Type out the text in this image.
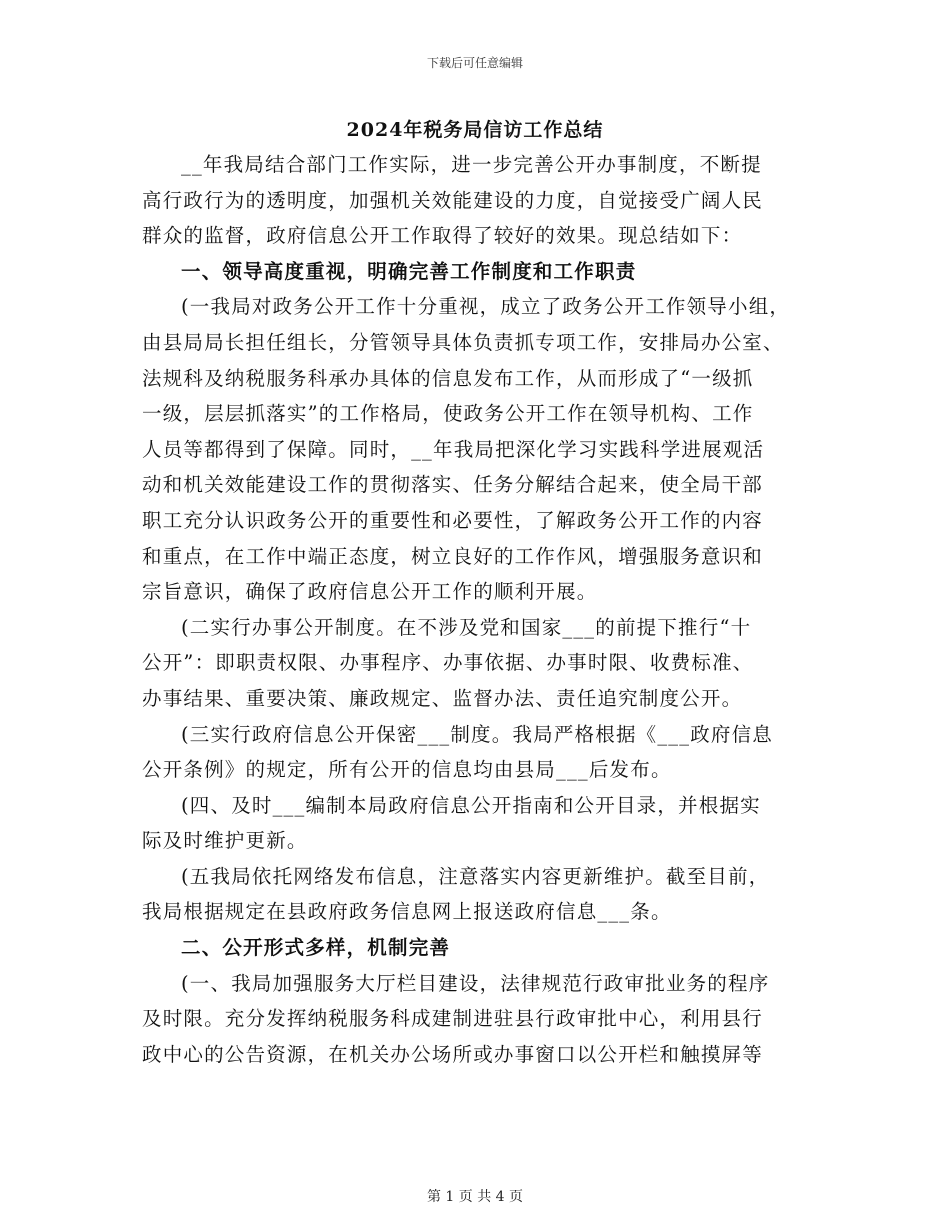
下载后可任意编辑
2024年税务局信访工作总结
__年我局结合部门工作实际，进一步完善公开办事制度，不断提
高行政行为的透明度，加强机关效能建设的力度，自觉接受广阔人民
群众的监督，政府信息公开工作取得了较好的效果。现总结如下：
一、领导高度重视，明确完善工作制度和工作职责
(一我局对政务公开工作十分重视，成立了政务公开工作领导小组，
由县局局长担任组长，分管领导具体负责抓专项工作，安排局办公室、
法规科及纳税服务科承办具体的信息发布工作，从而形成了“一级抓
一级，层层抓落实”的工作格局，使政务公开工作在领导机构、工作
人员等都得到了保障。同时，__年我局把深化学习实践科学进展观活
动和机关效能建设工作的贯彻落实、任务分解结合起来，使全局干部
职工充分认识政务公开的重要性和必要性，了解政务公开工作的内容
和重点，在工作中端正态度，树立良好的工作作风，增强服务意识和
宗旨意识，确保了政府信息公开工作的顺利开展。
(二实行办事公开制度。在不涉及党和国家___的前提下推行“十
公开”：即职责权限、办事程序、办事依据、办事时限、收费标准、
办事结果、重要决策、廉政规定、监督办法、责任追究制度公开。
(三实行政府信息公开保密___制度。我局严格根据《___政府信息
公开条例》的规定，所有公开的信息均由县局___后发布。
(四、及时___编制本局政府信息公开指南和公开目录，并根据实
际及时维护更新。
(五我局依托网络发布信息，注意落实内容更新维护。截至目前，
我局根据规定在县政府政务信息网上报送政府信息___条。
二、公开形式多样，机制完善
(一、我局加强服务大厅栏目建设，法律规范行政审批业务的程序
及时限。充分发挥纳税服务科成建制进驻县行政审批中心，利用县行
政中心的公告资源，在机关办公场所或办事窗口以公开栏和触摸屏等
第 1 页 共 4 页
